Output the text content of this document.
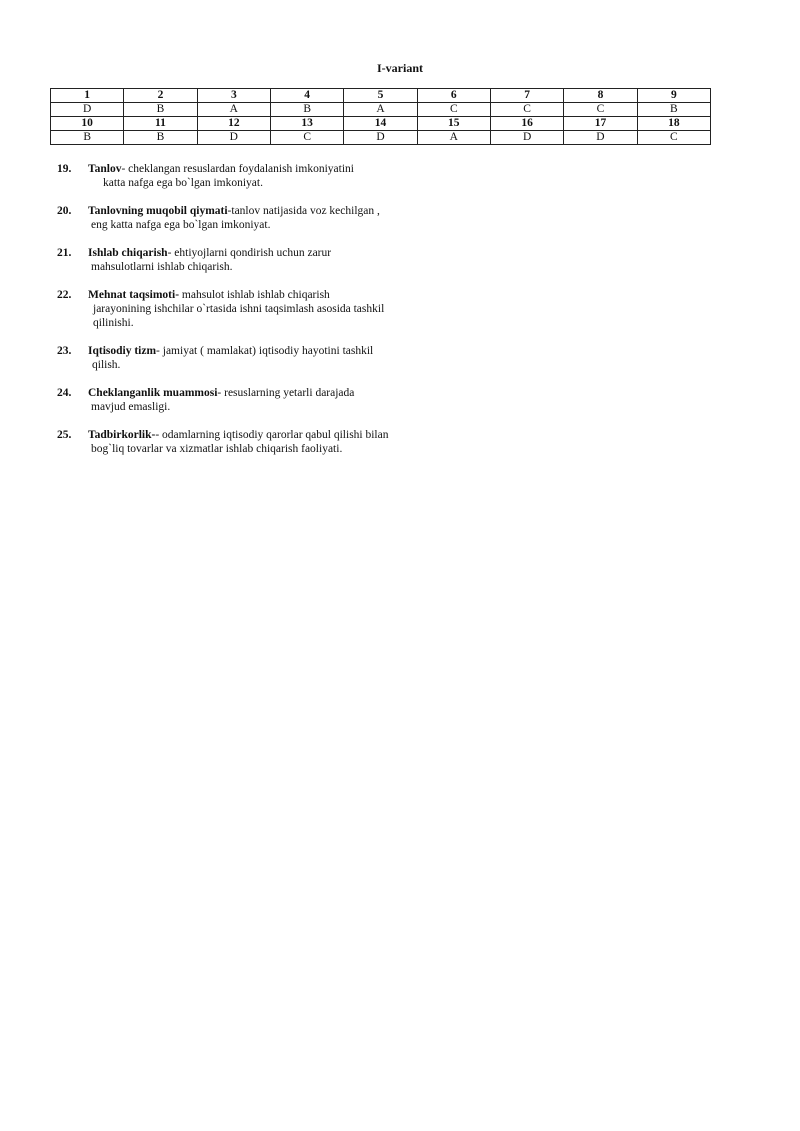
I-variant
1	2	3	4	5	6	7	8	9
D	B	A	B	A	C	C	C	B
10	11	12	13	14	15	16	17	18
B	B	D	C	D	A	D	D	C
19. Tanlov- cheklangan resuslardan foydalanish imkoniyatini
katta nafga ega bo`lgan imkoniyat.
20. Tanlovning muqobil qiymati-tanlov natijasida voz kechilgan ,
eng katta nafga ega bo`lgan imkoniyat.
21. Ishlab chiqarish- ehtiyojlarni qondirish uchun zarur
mahsulotlarni ishlab chiqarish.
22. Mehnat taqsimoti- mahsulot ishlab ishlab chiqarish
jarayonining ishchilar o`rtasida ishni taqsimlash asosida tashkil
qilinishi.
23. Iqtisodiy tizm- jamiyat ( mamlakat) iqtisodiy hayotini tashkil
qilish.
24. Cheklanganlik muammosi- resuslarning yetarli darajada
mavjud emasligi.
25. Tadbirkorlik-- odamlarning iqtisodiy qarorlar qabul qilishi bilan
bog`liq tovarlar va xizmatlar ishlab chiqarish faoliyati.
